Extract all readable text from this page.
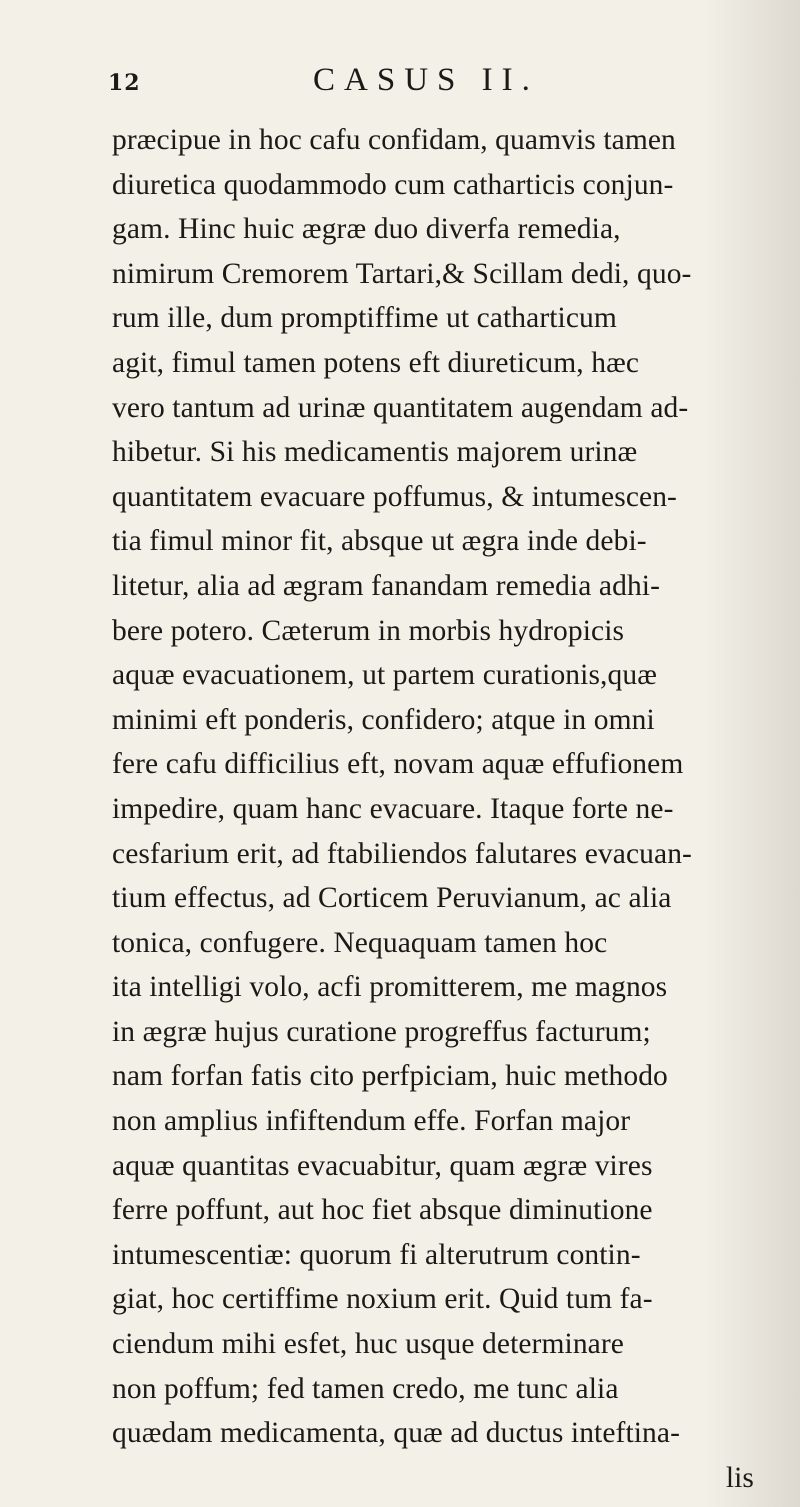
12	CASUS II.
præcipue in hoc cafu confidam, quamvis tamen
diuretica quodammodo cum catharticis conjun-
gam. Hinc huic ægræ duo diverfa remedia,
nimirum Cremorem Tartari,& Scillam dedi, quo-
rum ille, dum promptiffime ut catharticum
agit, fimul tamen potens eft diureticum, hæc
vero tantum ad urinæ quantitatem augendam ad-
hibetur. Si his medicamentis majorem urinæ
quantitatem evacuare poffumus, & intumescen-
tia fimul minor fit, absque ut ægra inde debi-
litetur, alia ad ægram fanandam remedia adhi-
bere potero. Cæterum in morbis hydropicis
aquæ evacuationem, ut partem curationis,quæ
minimi eft ponderis, confidero; atque in omni
fere cafu difficilius eft, novam aquæ effufionem
impedire, quam hanc evacuare. Itaque forte ne-
cesfarium erit, ad ftabiliendos falutares evacuan-
tium effectus, ad Corticem Peruvianum, ac alia
tonica, confugere. Nequaquam tamen hoc
ita intelligi volo, acfi promitterem, me magnos
in ægræ hujus curatione progreffus facturum;
nam forfan fatis cito perfpiciam, huic methodo
non amplius infiftendum effe. Forfan major
aquæ quantitas evacuabitur, quam ægræ vires
ferre poffunt, aut hoc fiet absque diminutione
intumescentiæ: quorum fi alterutrum contin-
giat, hoc certiffime noxium erit. Quid tum fa-
ciendum mihi esfet, huc usque determinare
non poffum; fed tamen credo, me tunc alia
quædam medicamenta, quæ ad ductus inteftina-
lis
